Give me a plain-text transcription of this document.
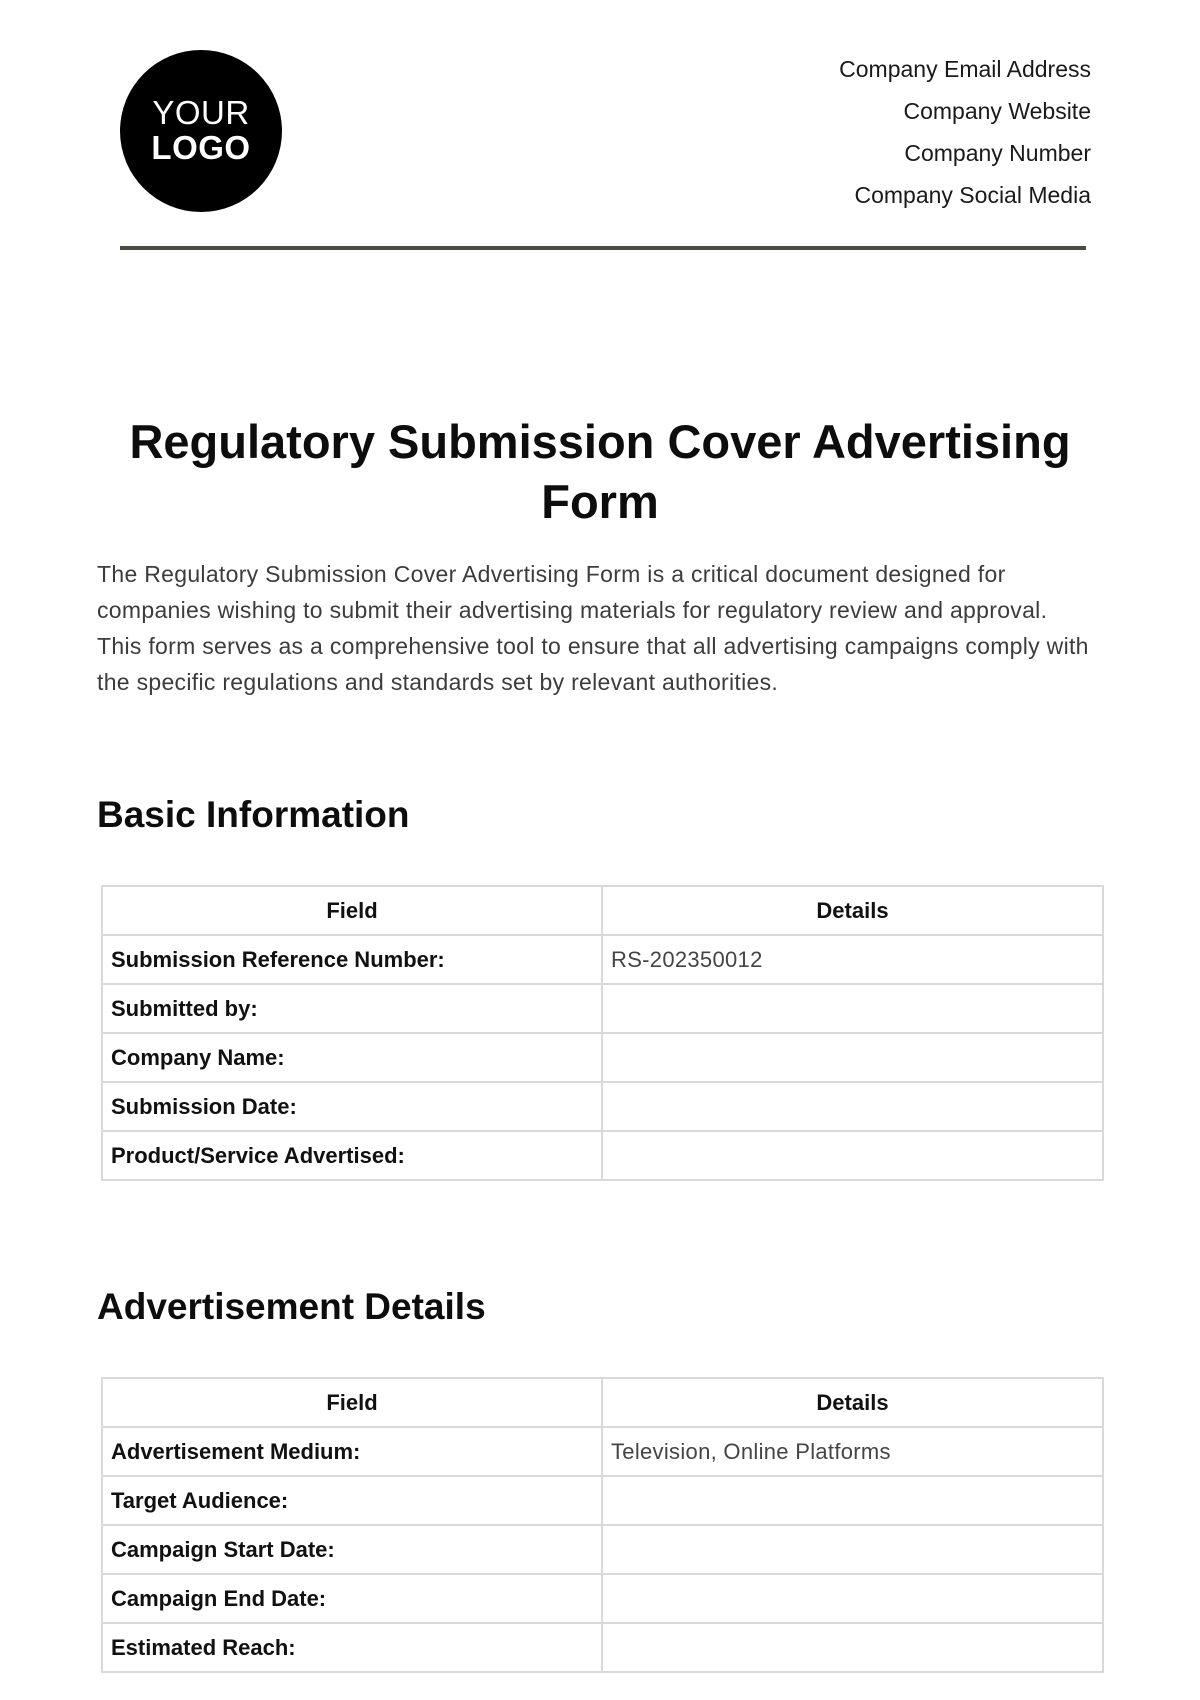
YOUR
LOGO
Company Email Address
Company Website
Company Number
Company Social Media
Regulatory Submission Cover Advertising Form

The Regulatory Submission Cover Advertising Form is a critical document designed for companies wishing to submit their advertising materials for regulatory review and approval. This form serves as a comprehensive tool to ensure that all advertising campaigns comply with the specific regulations and standards set by relevant authorities.

Basic Information
Field	Details
Submission Reference Number:	RS-202350012
Submitted by:	
Company Name:	
Submission Date:	
Product/Service Advertised:	
Advertisement Details
Field	Details
Advertisement Medium:	Television, Online Platforms
Target Audience:	
Campaign Start Date:	
Campaign End Date:	
Estimated Reach:	
